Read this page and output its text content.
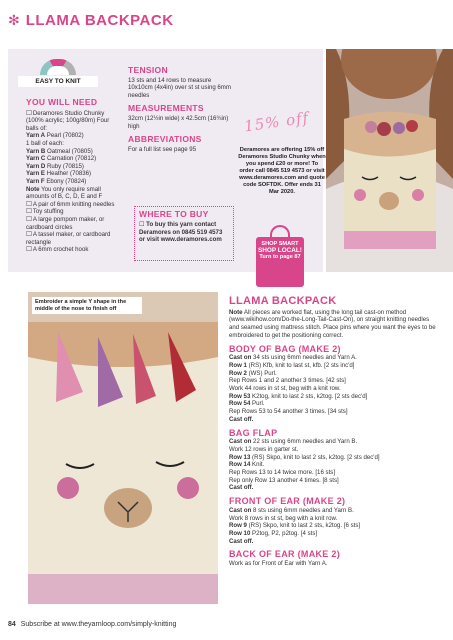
✻ LLAMA BACKPACK
EASY TO KNIT
YOU WILL NEED

☐ Deramores Studio Chunky (100% acrylic; 100g/80m) Four balls of:

Yarn A Pearl (70802)

1 ball of each:

Yarn B Oatmeal (70805)

Yarn C Carnation (70812)

Yarn D Ruby (70815)

Yarn E Heather (70836)

Yarn F Ebony (70824)

Note You only require small amounts of B, C, D, E and F

☐ A pair of 6mm knitting needles

☐ Toy stuffing

☐ A large pompom maker, or cardboard circles

☐ A tassel maker, or cardboard rectangle

☐ A 6mm crochet hook

TENSION

13 sts and 14 rows to measure 10x10cm (4x4in) over st st using 6mm needles

MEASUREMENTS

32cm (12½in wide) x 42.5cm (16¾in) high

ABBREVIATIONS

For a full list see page 95

WHERE TO BUY

☐ To buy this yarn contact Deramores on 0845 519 4573 or visit www.deramores.com

15% off
Deramores are offering 15% off Deramores Studio Chunky when you spend £20 or more! To order call 0845 519 4573 or visit www.deramores.com and quote code SOFTDK. Offer ends 31 Mar 2020.
SHOP SMART
SHOP LOCAL!
Turn to page 87
Embroider a simple Y shape in the middle of the nose to finish off
LLAMA BACKPACK

Note All pieces are worked flat, using the long tail cast-on method (www.wikihow.com/Do-the-Long-Tail-Cast-On), on straight knitting needles and seamed using mattress stitch. Place pins where you want the eyes to be embroidered to get the positioning correct.

BODY OF BAG (MAKE 2)

Cast on 34 sts using 6mm needles and Yarn A.

Row 1 (RS) Kfb, knit to last st, kfb. [2 sts inc'd]

Row 2 (WS) Purl.

Rep Rows 1 and 2 another 3 times. [42 sts]

Work 44 rows in st st, beg with a knit row.

Row 53 K2tog, knit to last 2 sts, k2tog. [2 sts dec'd]

Row 54 Purl.

Rep Rows 53 to 54 another 3 times. [34 sts]

Cast off.

BAG FLAP

Cast on 22 sts using 6mm needles and Yarn B.

Work 12 rows in garter st.

Row 13 (RS) Skpo, knit to last 2 sts, k2tog. [2 sts dec'd]

Row 14 Knit.

Rep Rows 13 to 14 twice more. [16 sts]

Rep only Row 13 another 4 times. [8 sts]

Cast off.

FRONT OF EAR (MAKE 2)

Cast on 8 sts using 6mm needles and Yarn B.

Work 8 rows in st st, beg with a knit row.

Row 9 (RS) Skpo, knit to last 2 sts, k2tog. [6 sts]

Row 10 P2tog, P2, p2tog. [4 sts]

Cast off.

BACK OF EAR (MAKE 2)

Work as for Front of Ear with Yarn A.

84 Subscribe at www.theyarnloop.com/simply-knitting
